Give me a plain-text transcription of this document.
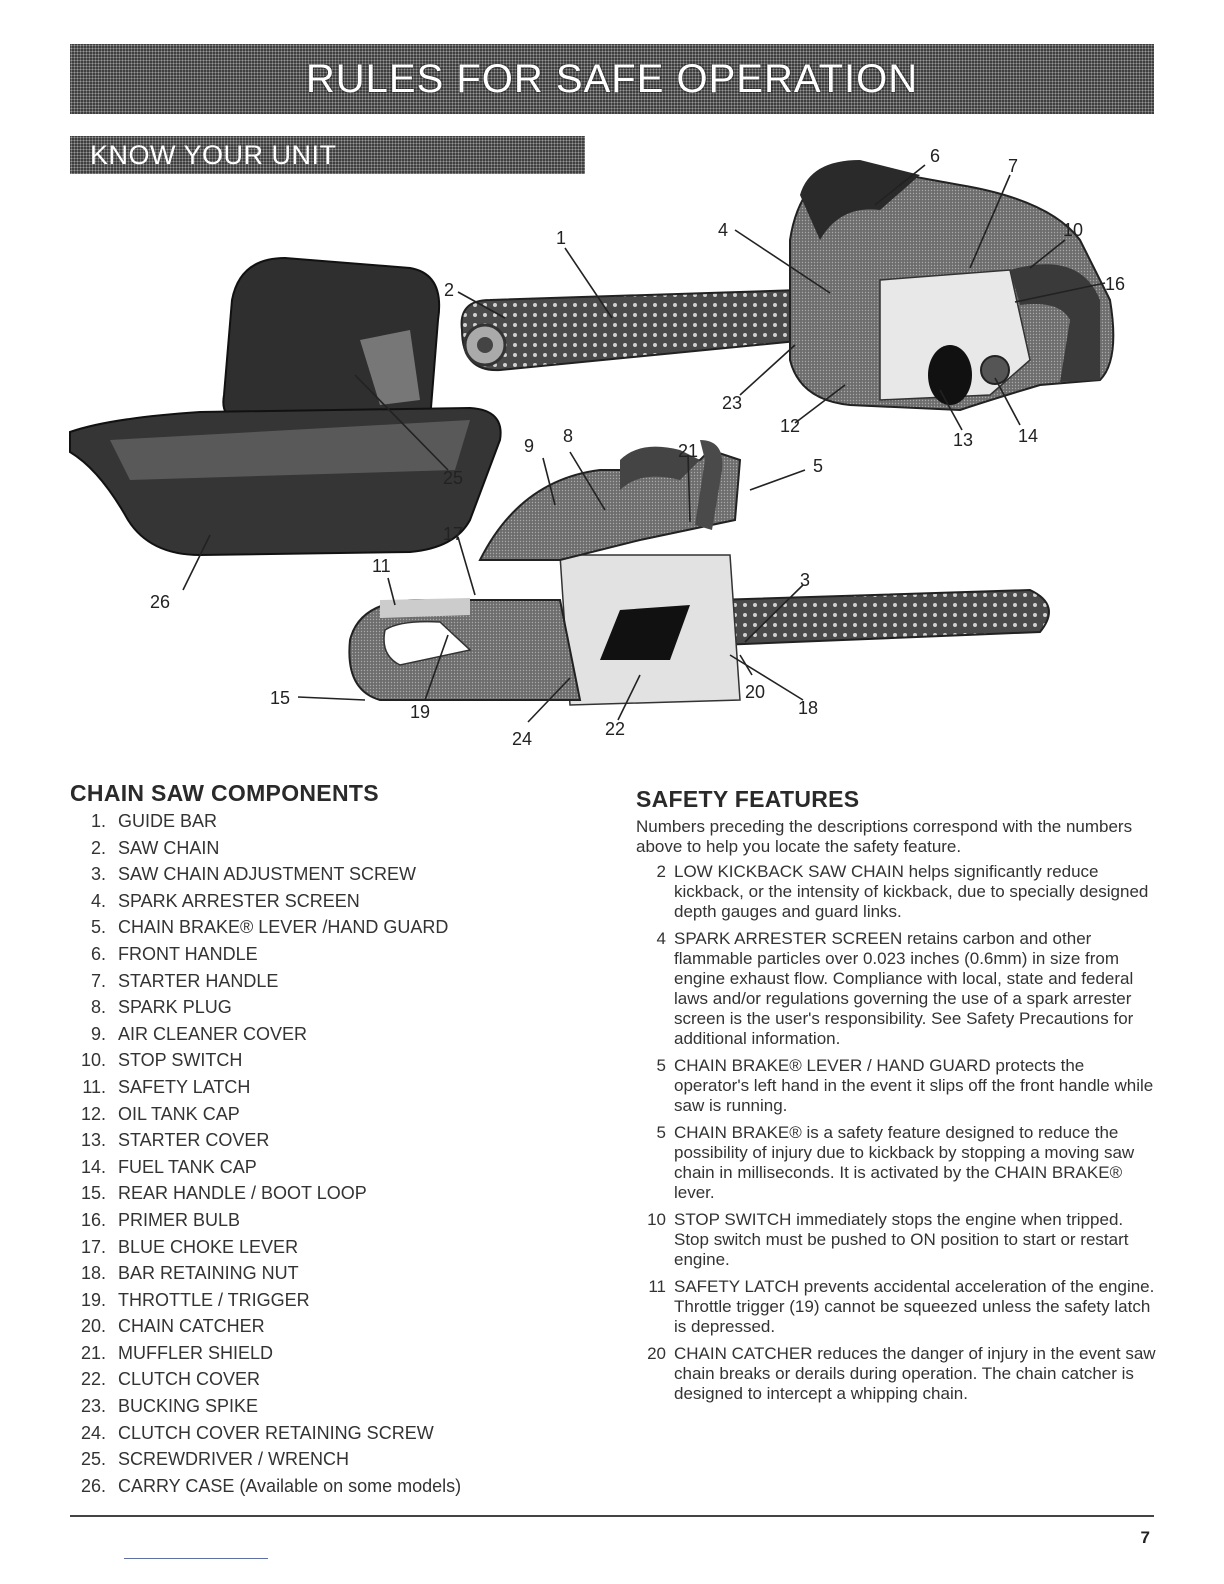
RULES FOR SAFE OPERATION
KNOW YOUR UNIT
1
2
3
4
5
6	7
8
9
10
11
12
13 14
15
16
17
18
19
20
21
22
23
24
25
26
CHAIN SAW COMPONENTS
1. GUIDE BAR
2. SAW CHAIN
3. SAW CHAIN ADJUSTMENT SCREW
4. SPARK ARRESTER SCREEN
5. CHAIN BRAKE® LEVER /HAND GUARD
6. FRONT HANDLE
7. STARTER HANDLE
8. SPARK PLUG
9. AIR CLEANER COVER
10. STOP SWITCH
11. SAFETY LATCH
12. OIL TANK CAP
13. STARTER COVER
14. FUEL TANK CAP
15. REAR HANDLE / BOOT LOOP
16. PRIMER BULB
17. BLUE CHOKE LEVER
18. BAR RETAINING NUT
19. THROTTLE / TRIGGER
20. CHAIN CATCHER
21. MUFFLER SHIELD
22. CLUTCH COVER
23. BUCKING SPIKE
24. CLUTCH COVER RETAINING SCREW
25. SCREWDRIVER / WRENCH
26. CARRY CASE (Available on some models)
SAFETY FEATURES

Numbers preceding the descriptions correspond with the numbers above to help you locate the safety feature.

2 LOW KICKBACK SAW CHAIN helps significantly reduce kickback, or the intensity of kickback, due to specially designed depth gauges and guard links.
4 SPARK ARRESTER SCREEN retains carbon and other flammable particles over 0.023 inches (0.6mm) in size from engine exhaust flow. Compliance with local, state and federal laws and/or regulations governing the use of a spark arrester screen is the user's responsibility. See Safety Precautions for additional information.
5 CHAIN BRAKE® LEVER / HAND GUARD protects the operator's left hand in the event it slips off the front handle while saw is running.
5 CHAIN BRAKE® is a safety feature designed to reduce the possibility of injury due to kickback by stopping a moving saw chain in milliseconds. It is activated by the CHAIN BRAKE® lever.
10 STOP SWITCH immediately stops the engine when tripped. Stop switch must be pushed to ON position to start or restart engine.
11 SAFETY LATCH prevents accidental acceleration of the engine. Throttle trigger (19) cannot be squeezed unless the safety latch is depressed.
20 CHAIN CATCHER reduces the danger of injury in the event saw chain breaks or derails during operation. The chain catcher is designed to intercept a whipping chain.
7
